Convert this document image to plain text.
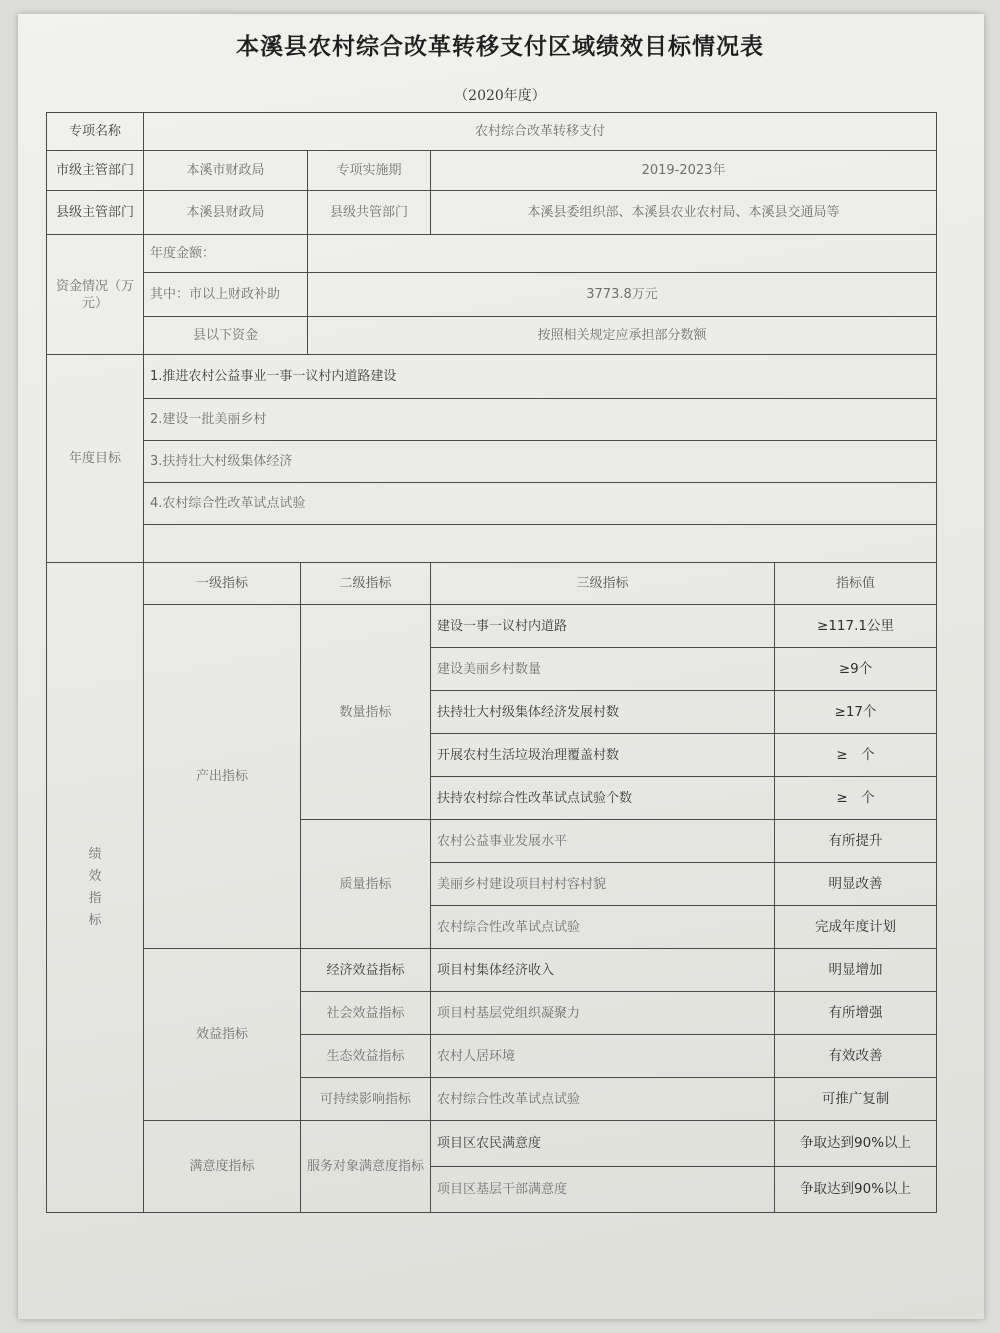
本溪县农村综合改革转移支付区域绩效目标情况表
（2020年度）
专项名称	农村综合改革转移支付				
市级主管部门	本溪市财政局		专项实施期	2019-2023年	
县级主管部门	本溪县财政局		县级共管部门	本溪县委组织部、本溪县农业农村局、本溪县交通局等	
资金情况（万元）	年度金额：				
	其中：市以上财政补助		3773.8万元		
	县以下资金		按照相关规定应承担部分数额		
年度目标	1.推进农村公益事业一事一议村内道路建设				
	2.建设一批美丽乡村				
	3.扶持壮大村级集体经济				
	4.农村综合性改革试点试验				

绩效指标	一级指标	二级指标		三级指标	指标值
	产出指标	数量指标		建设一事一议村内道路	≥117.1公里
				建设美丽乡村数量	≥9个
				扶持壮大村级集体经济发展村数	≥17个
				开展农村生活垃圾治理覆盖村数	≥　个
				扶持农村综合性改革试点试验个数	≥　个
		质量指标		农村公益事业发展水平	有所提升
				美丽乡村建设项目村村容村貌	明显改善
				农村综合性改革试点试验	完成年度计划
	效益指标	经济效益指标		项目村集体经济收入	明显增加
		社会效益指标		项目村基层党组织凝聚力	有所增强
		生态效益指标		农村人居环境	有效改善
		可持续影响指标		农村综合性改革试点试验	可推广复制
	满意度指标	服务对象满意度指标		项目区农民满意度	争取达到90%以上
				项目区基层干部满意度	争取达到90%以上
